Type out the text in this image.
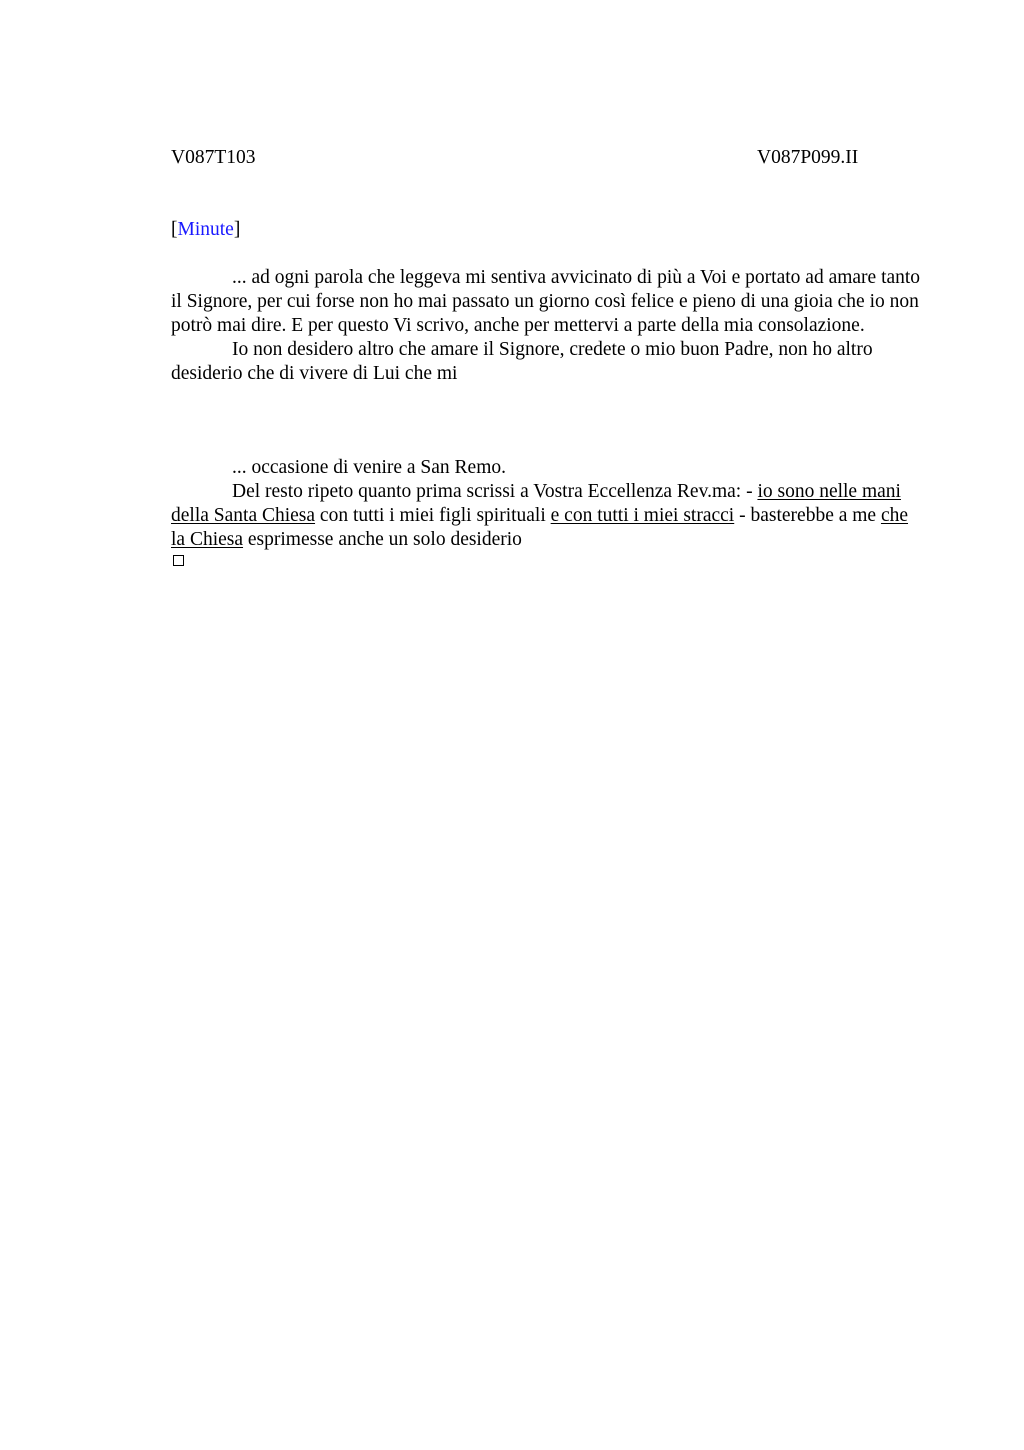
V087T103	V087P099.II
[Minute]

... ad ogni parola che leggeva mi sentiva avvicinato di più a Voi e portato ad amare tanto il Signore, per cui forse non ho mai passato un giorno così felice e pieno di una gioia che io non potrò mai dire. E per questo Vi scrivo, anche per mettervi a parte della mia consolazione.

Io non desidero altro che amare il Signore, credete o mio buon Padre, non ho altro desiderio che di vivere di Lui che mi

... occasione di venire a San Remo.

Del resto ripeto quanto prima scrissi a Vostra Eccellenza Rev.ma: - io sono nelle mani della Santa Chiesa con tutti i miei figli spirituali e con tutti i miei stracci - basterebbe a me che la Chiesa esprimesse anche un solo desiderio
